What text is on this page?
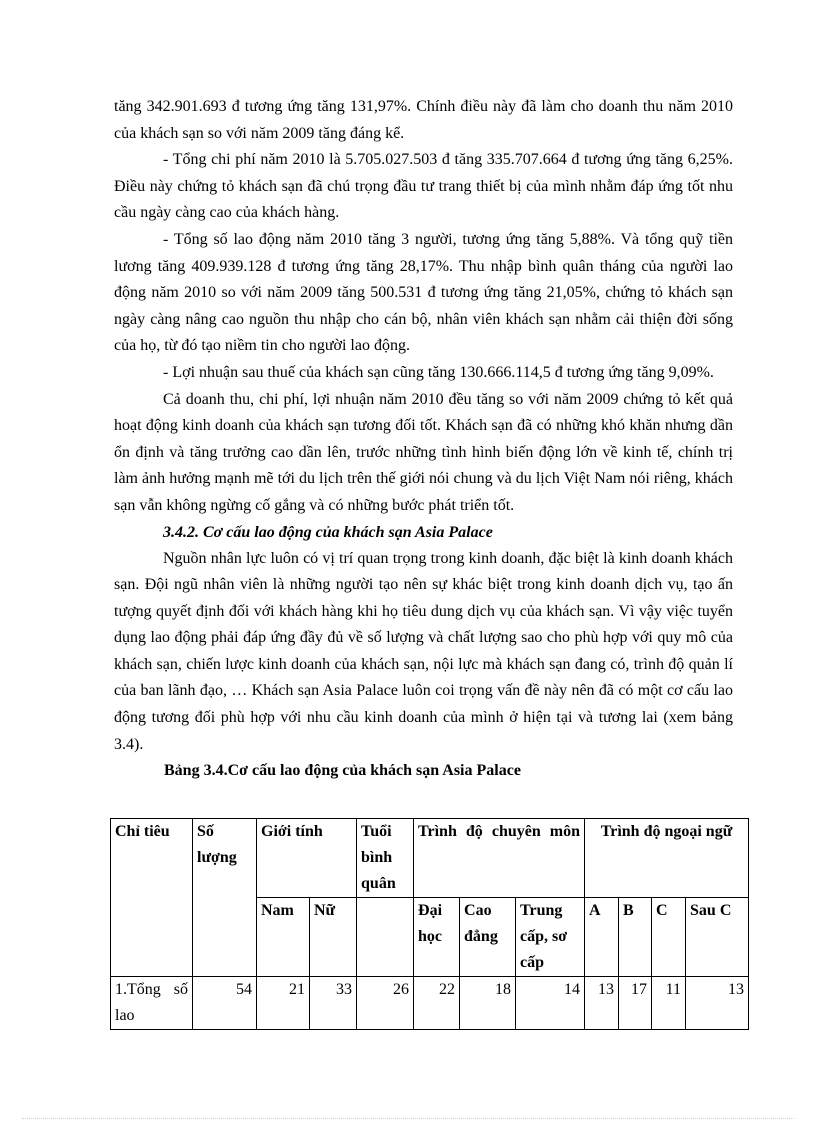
tăng 342.901.693 đ tương ứng tăng 131,97%. Chính điều này đã làm cho doanh thu năm 2010 của khách sạn so với năm 2009 tăng đáng kể.

- Tổng chi phí năm 2010 là 5.705.027.503 đ tăng 335.707.664 đ tương ứng tăng 6,25%. Điều này chứng tỏ khách sạn đã chú trọng đầu tư trang thiết bị của mình nhằm đáp ứng tốt nhu cầu ngày càng cao của khách hàng.

- Tổng số lao động năm 2010 tăng 3 người, tương ứng tăng 5,88%. Và tổng quỹ tiền lương tăng 409.939.128 đ tương ứng tăng 28,17%. Thu nhập bình quân tháng của người lao động năm 2010 so với năm 2009 tăng 500.531 đ tương ứng tăng 21,05%, chứng tỏ khách sạn ngày càng nâng cao nguồn thu nhập cho cán bộ, nhân viên khách sạn nhằm cải thiện đời sống của họ, từ đó tạo niềm tin cho người lao động.

- Lợi nhuận sau thuế của khách sạn cũng tăng 130.666.114,5 đ tương ứng tăng 9,09%.

Cả doanh thu, chi phí, lợi nhuận năm 2010 đều tăng so với năm 2009 chứng tỏ kết quả hoạt động kinh doanh của khách sạn tương đối tốt. Khách sạn đã có những khó khăn nhưng dần ổn định và tăng trưởng cao dần lên, trước những tình hình biến động lớn về kinh tế, chính trị làm ảnh hưởng mạnh mẽ tới du lịch trên thế giới nói chung và du lịch Việt Nam nói riêng, khách sạn vẫn không ngừng cố gắng và có những bước phát triển tốt.

3.4.2. Cơ cấu lao động của khách sạn Asia Palace

Nguồn nhân lực luôn có vị trí quan trọng trong kinh doanh, đặc biệt là kinh doanh khách sạn. Đội ngũ nhân viên là những người tạo nên sự khác biệt trong kinh doanh dịch vụ, tạo ấn tượng quyết định đối với khách hàng khi họ tiêu dung dịch vụ của khách sạn. Vì vậy việc tuyển dụng lao động phải đáp ứng đầy đủ về số lượng và chất lượng sao cho phù hợp với quy mô của khách sạn, chiến lược kinh doanh của khách sạn, nội lực mà khách sạn đang có, trình độ quản lí của ban lãnh đạo, … Khách sạn Asia Palace luôn coi trọng vấn đề này nên đã có một cơ cấu lao động tương đối phù hợp với nhu cầu kinh doanh của mình ở hiện tại và tương lai (xem bảng 3.4).

Bảng 3.4.Cơ cấu lao động của khách sạn Asia Palace

Chỉ tiêu	Số lượng	Giới tính		Tuổi bình quân	Trình độ chuyên môn			Trình độ ngoại ngữ			
		Nam	Nữ		Đại học	Cao đẳng	Trung cấp, sơ cấp	A	B	C	Sau C
1.Tổng số lao	54	21	33	26	22	18	14	13	17	11	13
